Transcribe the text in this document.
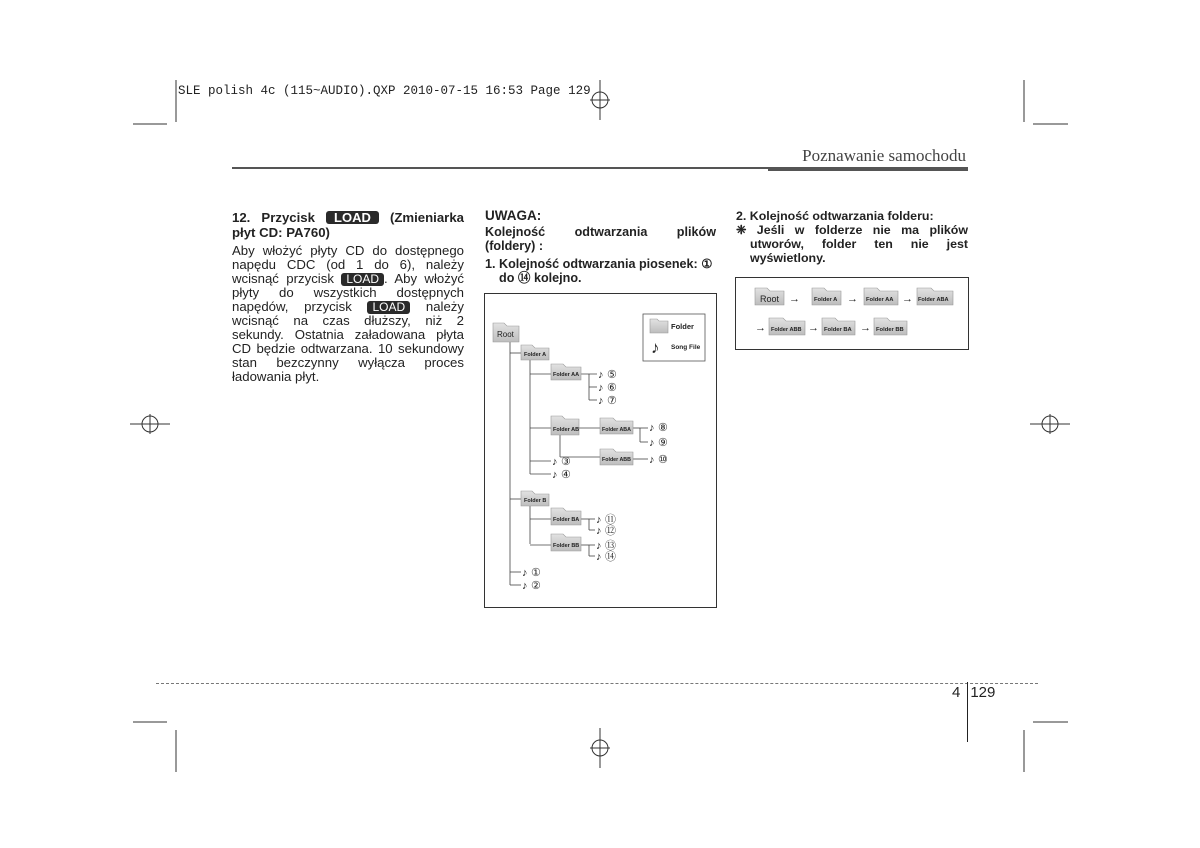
SLE polish 4c (115~AUDIO).QXP 2010-07-15 16:53 Page 129
Poznawanie samochodu
12. Przycisk LOAD (Zmieniarka płyt CD: PA760)

Aby włożyć płyty CD do dostępnego napędu CDC (od 1 do 6), należy wcisnąć przycisk LOAD . Aby włożyć płyty do wszystkich dostępnych napędów, przycisk LOAD należy wcisnąć na czas dłuższy, niż 2 sekundy. Ostatnia załadowana płyta CD będzie odtwarzana. 10 sekundowy stan bezczynny wyłącza proces ładowania płyt.

UWAGA:

Kolejność odtwarzania plików (foldery) :

1. Kolejność odtwarzania piosenek: ① do ⑭ kolejno.
Folder
♪ Song File
Root
Folder A
Folder AA
Folder AB	Folder ABA
Folder ABB
Folder B
Folder BA
Folder BB
♪ ⑤
♪ ⑥
♪ ⑦
♪ ⑧
♪ ⑨
♪ ⑩
♪ ③
♪ ④
♪ ⑪
♪ ⑫
♪ ⑬
♪ ⑭
♪ ①
♪ ②
2. Kolejność odtwarzania folderu:
❈ Jeśli w folderze nie ma plików utworów, folder ten nie jest wyświetlony.
Root → Folder A → Folder AA → Folder ABA
→ Folder ABB → Folder BA → Folder BB
4 129
